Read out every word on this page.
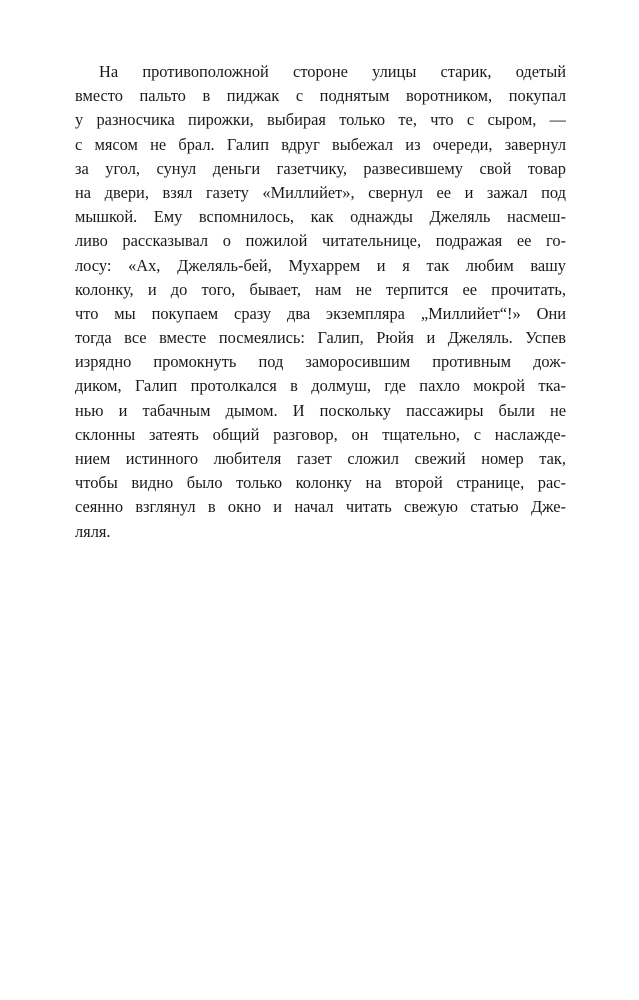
На противоположной стороне улицы старик, одетый
вместо пальто в пиджак с поднятым воротником, покупал
у разносчика пирожки, выбирая только те, что с сыром, —
с мясом не брал. Галип вдруг выбежал из очереди, завернул
за угол, сунул деньги газетчику, развесившему свой товар
на двери, взял газету «Миллийет», свернул ее и зажал под
мышкой. Ему вспомнилось, как однажды Джеляль насмеш-
ливо рассказывал о пожилой читательнице, подражая ее го-
лосу: «Ах, Джеляль-бей, Мухаррем и я так любим вашу
колонку, и до того, бывает, нам не терпится ее прочитать,
что мы покупаем сразу два экземпляра „Миллийет“!» Они
тогда все вместе посмеялись: Галип, Рюйя и Джеляль. Успев
изрядно промокнуть под заморосившим противным дож-
диком, Галип протолкался в долмуш, где пахло мокрой тка-
нью и табачным дымом. И поскольку пассажиры были не
склонны затеять общий разговор, он тщательно, с наслажде-
нием истинного любителя газет сложил свежий номер так,
чтобы видно было только колонку на второй странице, рас-
сеянно взглянул в окно и начал читать свежую статью Дже-
ляля.
